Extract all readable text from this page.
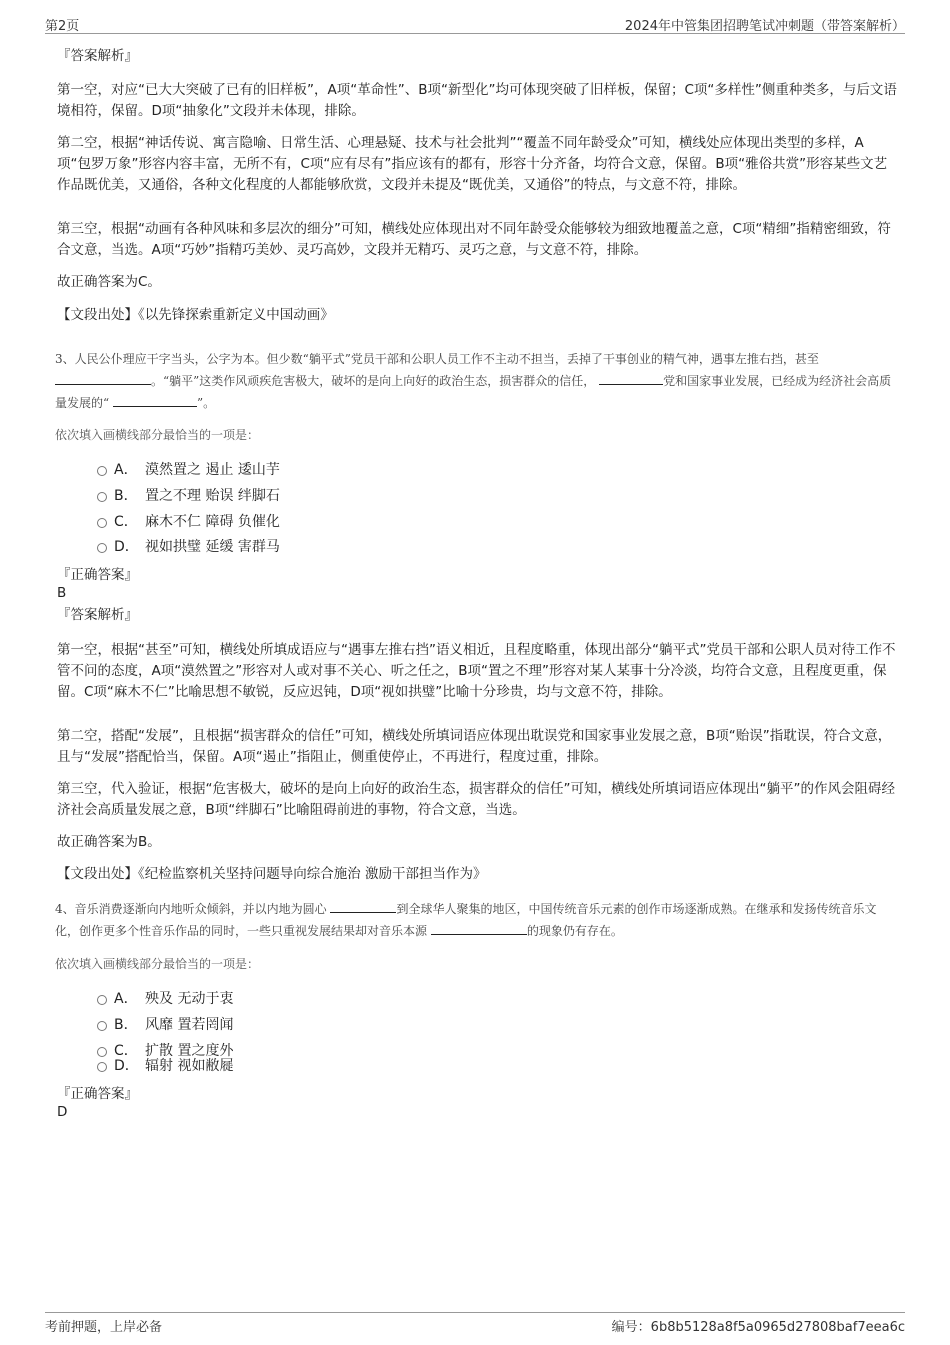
第2页	2024年中管集团招聘笔试冲刺题（带答案解析）
『答案解析』
第一空，对应“已大大突破了已有的旧样板”，A项“革命性”、B项“新型化”均可体现突破了旧样板，保留；C项“多样性”侧重种类多，与后文语境相符，保留。D项“抽象化”文段并未体现，排除。
第二空，根据“神话传说、寓言隐喻、日常生活、心理悬疑、技术与社会批判”“覆盖不同年龄受众”可知，横线处应体现出类型的多样，A项“包罗万象”形容内容丰富，无所不有，C项“应有尽有”指应该有的都有，形容十分齐备，均符合文意，保留。B项“雅俗共赏”形容某些文艺作品既优美，又通俗，各种文化程度的人都能够欣赏，文段并未提及“既优美，又通俗”的特点，与文意不符，排除。
第三空，根据“动画有各种风味和多层次的细分”可知，横线处应体现出对不同年龄受众能够较为细致地覆盖之意，C项“精细”指精密细致，符合文意，当选。A项“巧妙”指精巧美妙、灵巧高妙，文段并无精巧、灵巧之意，与文意不符，排除。
故正确答案为C。
【文段出处】《以先锋探索重新定义中国动画》
3、人民公仆理应干字当头，公字为本。但少数“躺平式”党员干部和公职人员工作不主动不担当，丢掉了干事创业的精气神，遇事左推右挡，甚至 。“躺平”这类作风顽疾危害极大，破坏的是向上向好的政治生态，损害群众的信任，	党和国家事业发展，已经成为经济社会高质量发展的“	”。
依次填入画横线部分最恰当的一项是：
A． 漠然置之 遏止 逶山芋
B． 置之不理 贻误 绊脚石
C． 麻木不仁 障碍 负催化
D． 视如拱璧 延缓 害群马
『正确答案』
B
『答案解析』
第一空，根据“甚至”可知，横线处所填成语应与“遇事左推右挡”语义相近，且程度略重，体现出部分“躺平式”党员干部和公职人员对待工作不管不问的态度，A项“漠然置之”形容对人或对事不关心、听之任之，B项“置之不理”形容对某人某事十分冷淡，均符合文意，且程度更重，保留。C项“麻木不仁”比喻思想不敏锐，反应迟钝，D项“视如拱璧”比喻十分珍贵，均与文意不符，排除。
第二空，搭配“发展”，且根据“损害群众的信任”可知，横线处所填词语应体现出耽误党和国家事业发展之意，B项“贻误”指耽误，符合文意，且与“发展”搭配恰当，保留。A项“遏止”指阻止，侧重使停止，不再进行，程度过重，排除。
第三空，代入验证，根据“危害极大，破坏的是向上向好的政治生态，损害群众的信任”可知，横线处所填词语应体现出“躺平”的作风会阻碍经济社会高质量发展之意，B项“绊脚石”比喻阻碍前进的事物，符合文意，当选。
故正确答案为B。
【文段出处】《纪检监察机关坚持问题导向综合施治 激励干部担当作为》
4、音乐消费逐渐向内地听众倾斜，并以内地为圆心	到全球华人聚集的地区，中国传统音乐元素的创作市场逐渐成熟。在继承和发扬传统音乐文化，创作更多个性音乐作品的同时，一些只重视发展结果却对音乐本源	的现象仍有存在。
依次填入画横线部分最恰当的一项是：
A． 殃及 无动于衷
B． 风靡 置若罔闻
C． 扩散 置之度外
D． 辐射 视如敝屣
『正确答案』
D
考前押题，上岸必备	编号：6b8b5128a8f5a0965d27808baf7eea6c
